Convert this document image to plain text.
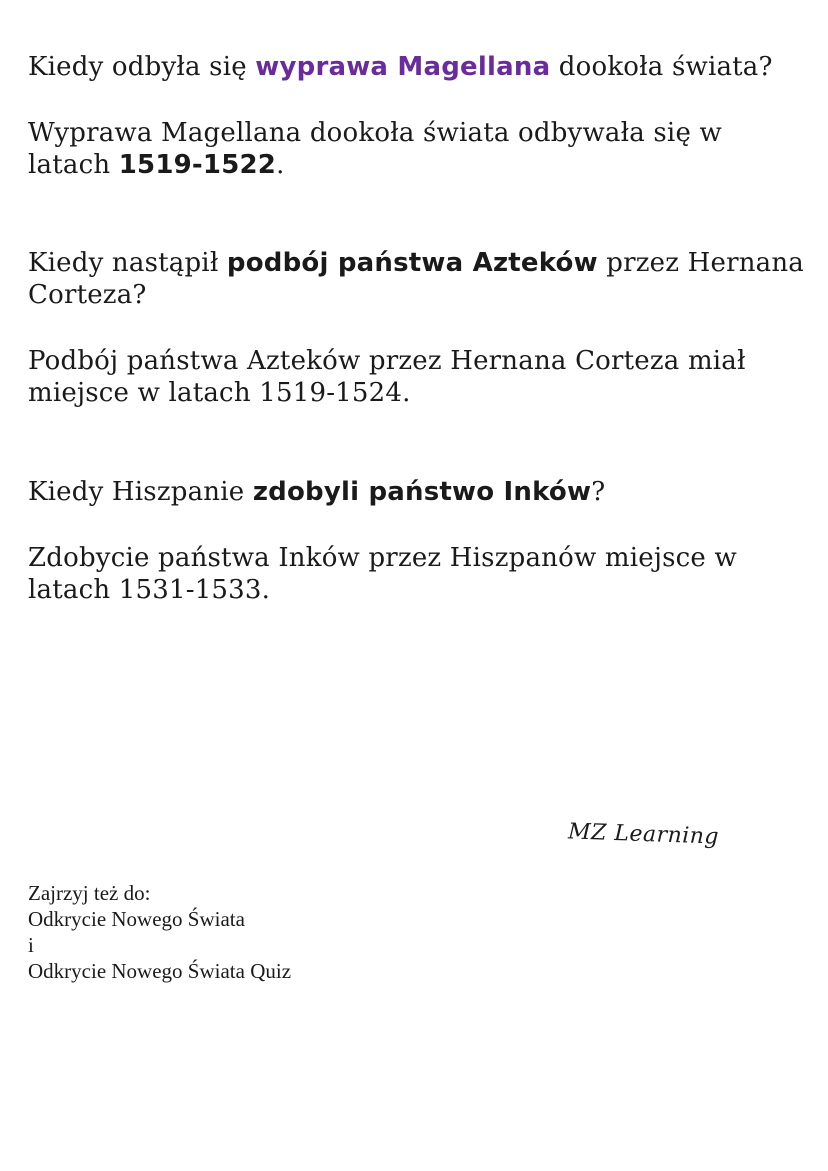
Kiedy odbyła się wyprawa Magellana dookoła świata?

Wyprawa Magellana dookoła świata odbywała się w latach 1519-1522.

Kiedy nastąpił podbój państwa Azteków przez Hernana Corteza?

Podbój państwa Azteków przez Hernana Corteza miał miejsce w latach 1519-1524.

Kiedy Hiszpanie zdobyli państwo Inków?

Zdobycie państwa Inków przez Hiszpanów miejsce w latach 1531-1533.

MZ Learning

Zajrzyj też do:
Odkrycie Nowego Świata
i
Odkrycie Nowego Świata Quiz
